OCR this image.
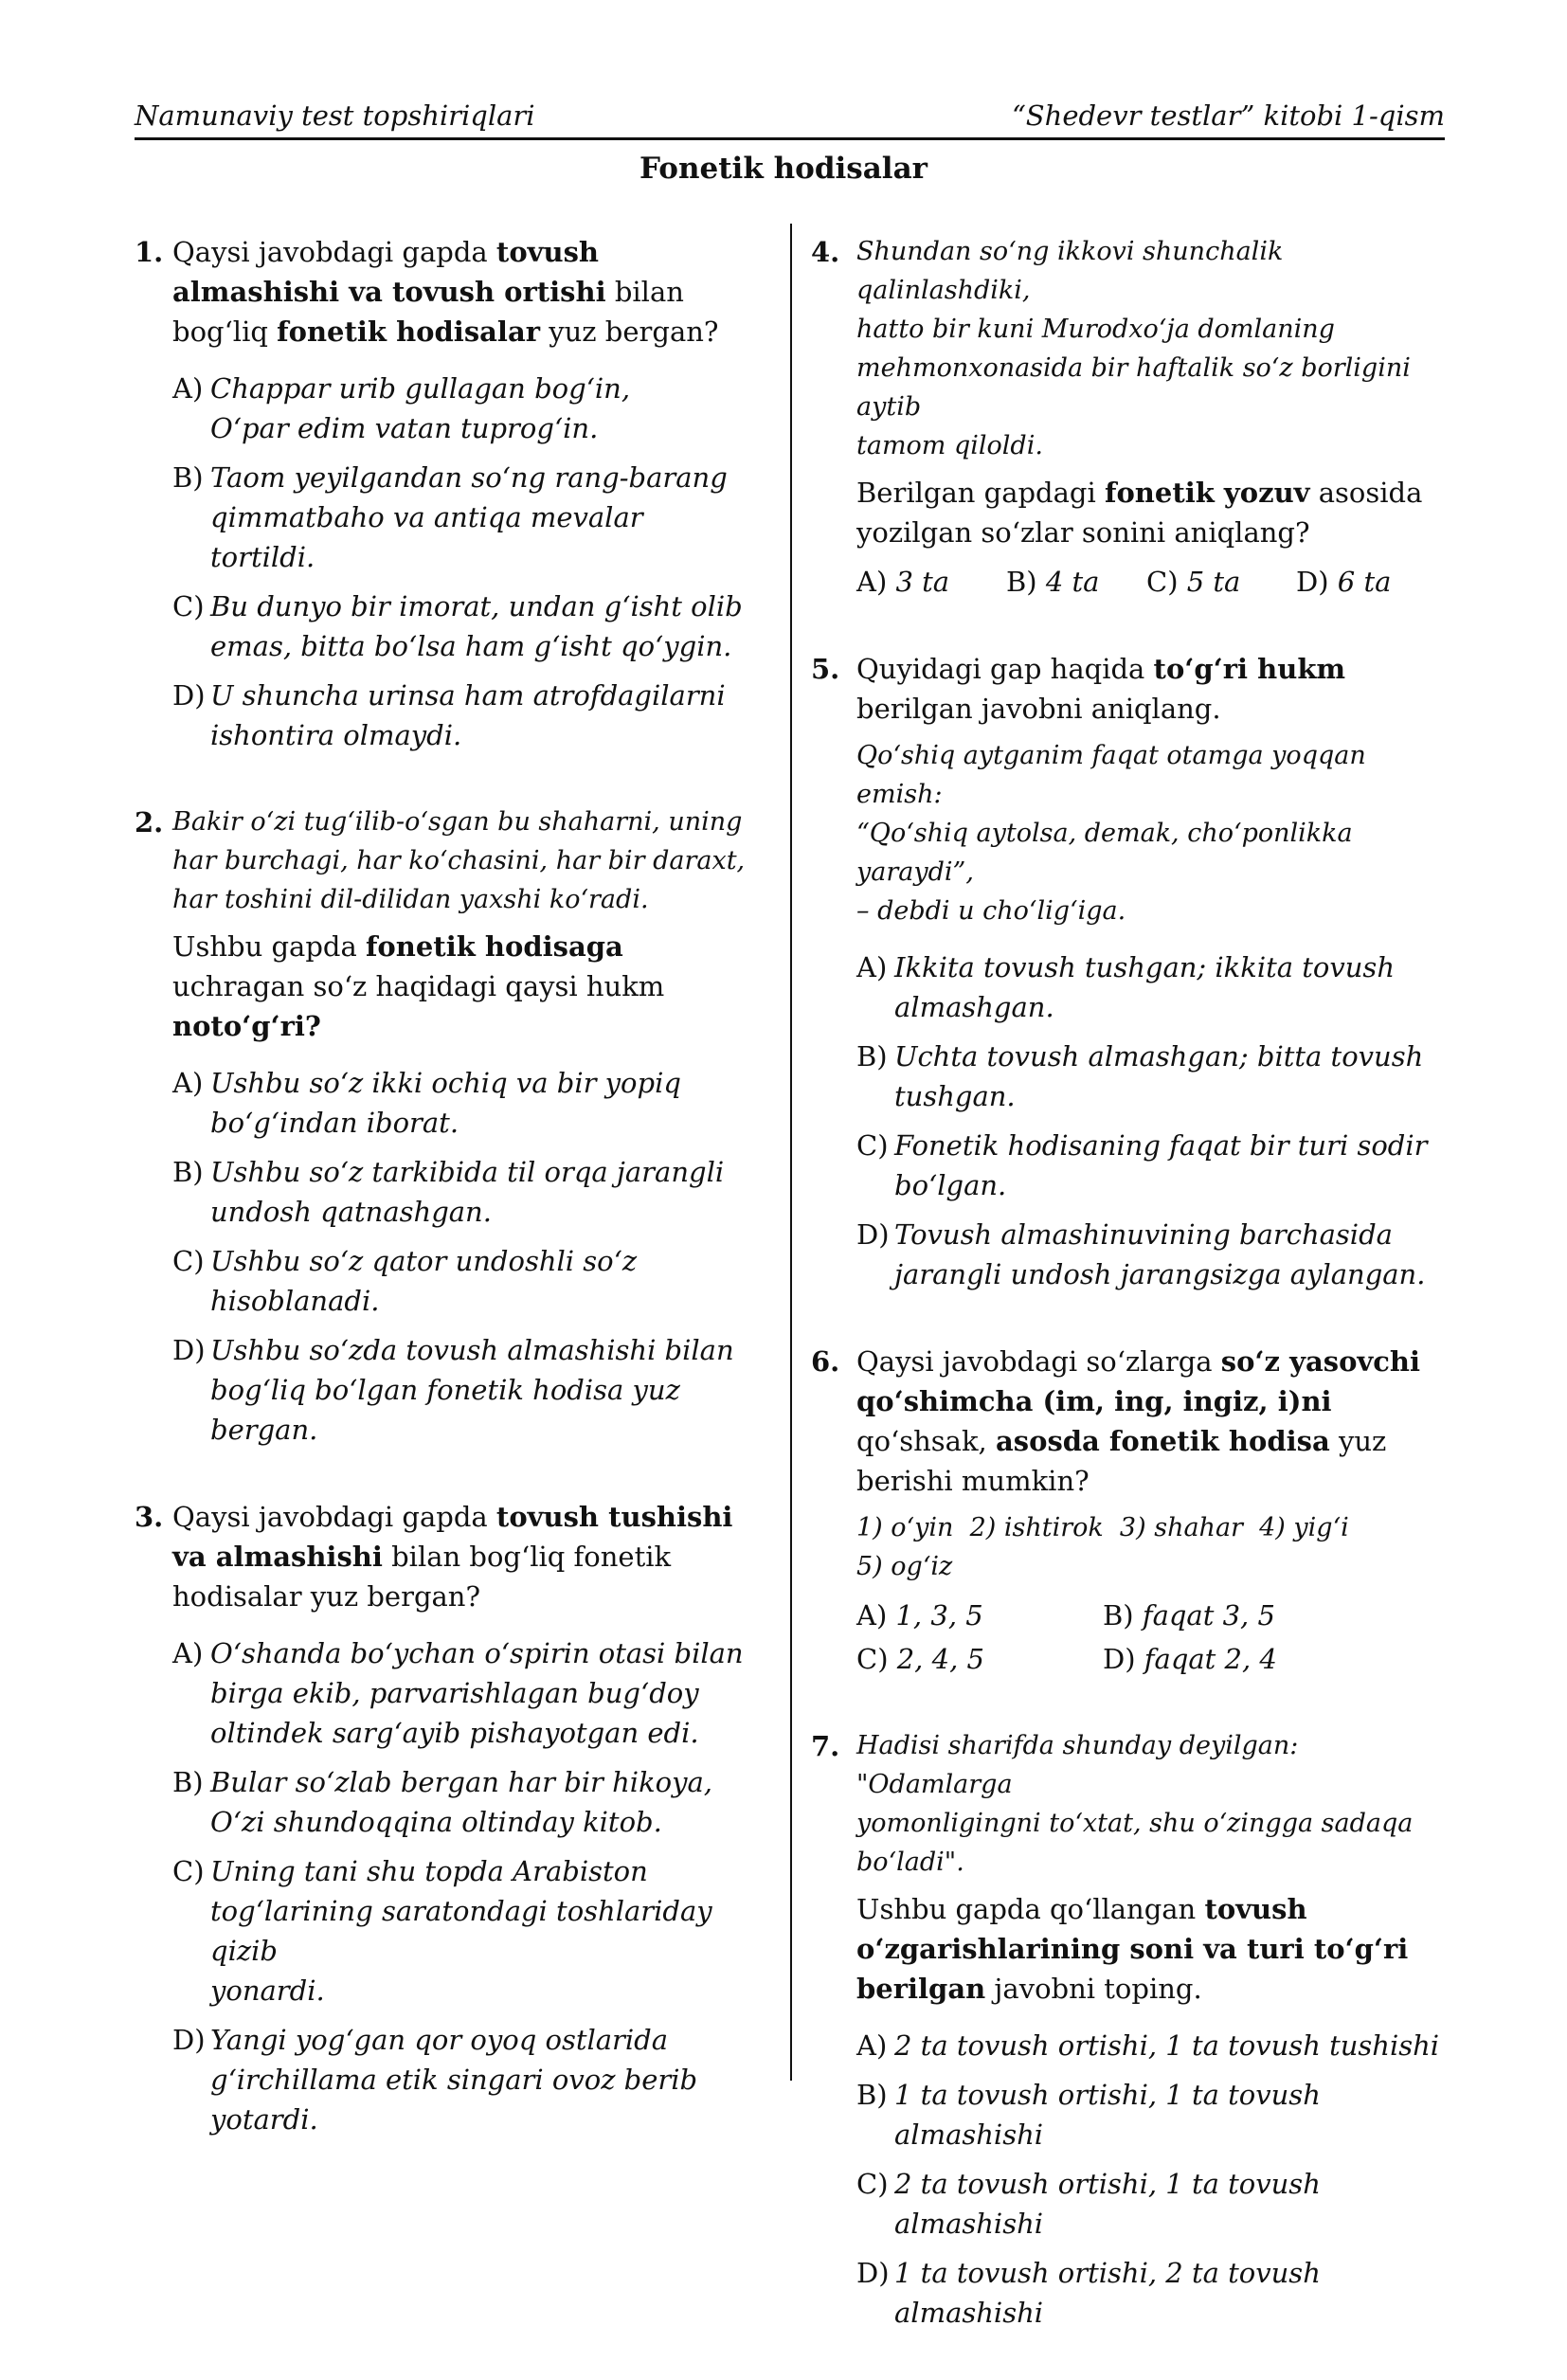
Namunaviy test topshiriqlari	“Shedevr testlar” kitobi 1-qism
Fonetik hodisalar
1. Qaysi javobdagi gapda tovush almashishi va tovush ortishi bilan bog‘liq fonetik hodisalar yuz bergan?
A) Chappar urib gullagan bog‘in,
O‘par edim vatan tuprog‘in.
B) Taom yeyilgandan so‘ng rang-barang
qimmatbaho va antiqa mevalar tortildi.
C) Bu dunyo bir imorat, undan g‘isht olib
emas, bitta bo‘lsa ham g‘isht qo‘ygin.
D) U shuncha urinsa ham atrofdagilarni
ishontira olmaydi.
2. Bakir o‘zi tug‘ilib-o‘sgan bu shaharni, uning
har burchagi, har ko‘chasini, har bir daraxt,
har toshini dil-dilidan yaxshi ko‘radi.
Ushbu gapda fonetik hodisaga uchragan so‘z haqidagi qaysi hukm noto‘g‘ri?
A) Ushbu so‘z ikki ochiq va bir yopiq
bo‘g‘indan iborat.
B) Ushbu so‘z tarkibida til orqa jarangli
undosh qatnashgan.
C) Ushbu so‘z qator undoshli so‘z
hisoblanadi.
D) Ushbu so‘zda tovush almashishi bilan
bog‘liq bo‘lgan fonetik hodisa yuz bergan.
3. Qaysi javobdagi gapda tovush tushishi va almashishi bilan bog‘liq fonetik hodisalar yuz bergan?
A) O‘shanda bo‘ychan o‘spirin otasi bilan
birga ekib, parvarishlagan bug‘doy
oltindek sarg‘ayib pishayotgan edi.
B) Bular so‘zlab bergan har bir hikoya,
O‘zi shundoqqina oltinday kitob.
C) Uning tani shu topda Arabiston
tog‘larining saratondagi toshlariday qizib
yonardi.
D) Yangi yog‘gan qor oyoq ostlarida
g‘irchillama etik singari ovoz berib
yotardi.
4. Shundan so‘ng ikkovi shunchalik qalinlashdiki,
hatto bir kuni Murodxo‘ja domlaning
mehmonxonasida bir haftalik so‘z borligini aytib
tamom qiloldi.
Berilgan gapdagi fonetik yozuv asosida yozilgan so‘zlar sonini aniqlang?
A) 3 ta	B) 4 ta	C) 5 ta	D) 6 ta
5. Quyidagi gap haqida to‘g‘ri hukm berilgan javobni aniqlang.
Qo‘shiq aytganim faqat otamga yoqqan emish:
“Qo‘shiq aytolsa, demak, cho‘ponlikka yaraydi”,
– debdi u cho‘lig‘iga.
A) Ikkita tovush tushgan; ikkita tovush
almashgan.
B) Uchta tovush almashgan; bitta tovush
tushgan.
C) Fonetik hodisaning faqat bir turi sodir
bo‘lgan.
D) Tovush almashinuvining barchasida
jarangli undosh jarangsizga aylangan.
6. Qaysi javobdagi so‘zlarga so‘z yasovchi qo‘shimcha (im, ing, ingiz, i)ni qo‘shsak, asosda fonetik hodisa yuz berishi mumkin?
1) o‘yin  2) ishtirok  3) shahar  4) yig‘i
5) og‘iz
A) 1, 3, 5	B) faqat 3, 5
C) 2, 4, 5	D) faqat 2, 4
7. Hadisi sharifda shunday deyilgan: "Odamlarga
yomonligingni to‘xtat, shu o‘zingga sadaqa
bo‘ladi".
Ushbu gapda qo‘llangan tovush o‘zgarishlarining soni va turi to‘g‘ri berilgan javobni toping.
A) 2 ta tovush ortishi, 1 ta tovush tushishi
B) 1 ta tovush ortishi, 1 ta tovush almashishi
C) 2 ta tovush ortishi, 1 ta tovush almashishi
D) 1 ta tovush ortishi, 2 ta tovush almashishi
